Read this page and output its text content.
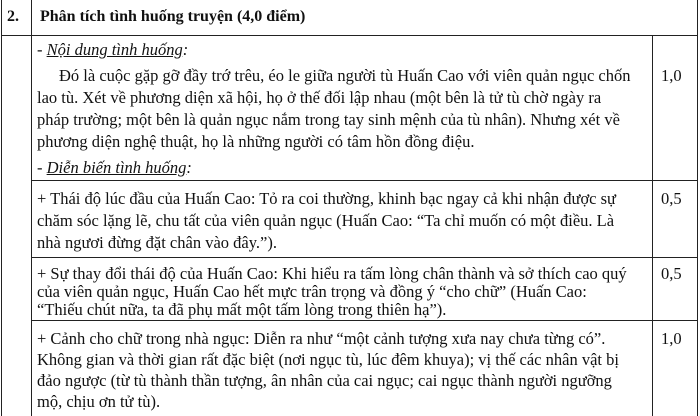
2. Phân tích tình huống truyện (4,0 điểm)
- Nội dung tình huống:
Đó là cuộc gặp gỡ đầy trớ trêu, éo le giữa người tù Huấn Cao với viên quản ngục chốn
lao tù. Xét về phương diện xã hội, họ ở thế đối lập nhau (một bên là tử tù chờ ngày ra
pháp trường; một bên là quản ngục nắm trong tay sinh mệnh của tù nhân). Nhưng xét về
phương diện nghệ thuật, họ là những người có tâm hồn đồng điệu.
1,0
- Diễn biến tình huống:
+ Thái độ lúc đầu của Huấn Cao: Tỏ ra coi thường, khinh bạc ngay cả khi nhận được sự
chăm sóc lặng lẽ, chu tất của viên quản ngục (Huấn Cao: “Ta chỉ muốn có một điều. Là
nhà ngươi đừng đặt chân vào đây.”).
0,5
+ Sự thay đổi thái độ của Huấn Cao: Khi hiểu ra tấm lòng chân thành và sở thích cao quý
của viên quản ngục, Huấn Cao hết mực trân trọng và đồng ý “cho chữ” (Huấn Cao:
“Thiếu chút nữa, ta đã phụ mất một tấm lòng trong thiên hạ”).
0,5
+ Cảnh cho chữ trong nhà ngục: Diễn ra như “một cảnh tượng xưa nay chưa từng có”.
Không gian và thời gian rất đặc biệt (nơi ngục tù, lúc đêm khuya); vị thế các nhân vật bị
đảo ngược (từ tù thành thần tượng, ân nhân của cai ngục; cai ngục thành người ngưỡng
mộ, chịu ơn tử tù).
1,0
